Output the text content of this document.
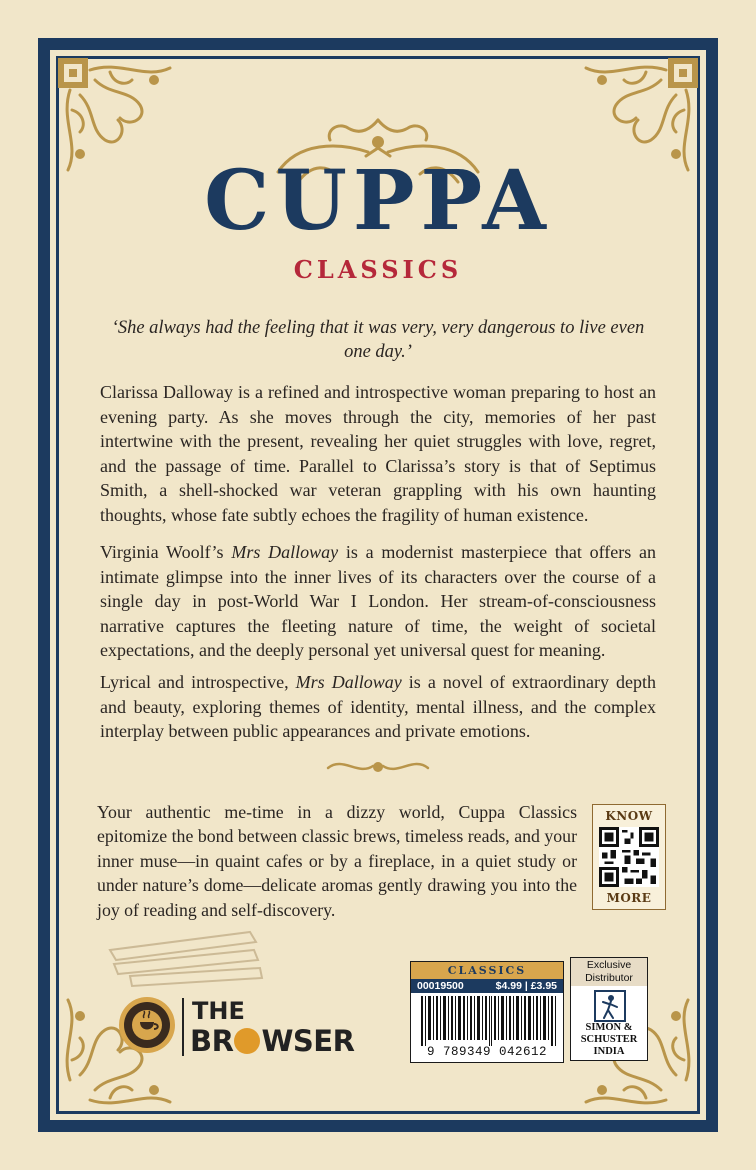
CUPPA
CLASSICS
‘She always had the feeling that it was very, very dangerous to live even one day.’
Clarissa Dalloway is a refined and introspective woman preparing to host an evening party. As she moves through the city, memories of her past intertwine with the present, revealing her quiet struggles with love, regret, and the passage of time. Parallel to Clarissa’s story is that of Septimus Smith, a shell-shocked war veteran grappling with his own haunting thoughts, whose fate subtly echoes the fragility of human existence.
Virginia Woolf’s Mrs Dalloway is a modernist masterpiece that offers an intimate glimpse into the inner lives of its characters over the course of a single day in post-World War I London. Her stream-of-consciousness narrative captures the fleeting nature of time, the weight of societal expectations, and the deeply personal yet universal quest for meaning.
Lyrical and introspective, Mrs Dalloway is a novel of extraordinary depth and beauty, exploring themes of identity, mental illness, and the complex interplay between public appearances and private emotions.
Your authentic me-time in a dizzy world, Cuppa Classics epitomize the bond between classic brews, timeless reads, and your inner muse—in quaint cafes or by a fireplace, in a quiet study or under nature’s dome—delicate aromas gently drawing you into the joy of reading and self-discovery.
KNOW
MORE
THE
BR WSER
CLASSICS
00019500	$4.99 | £3.95
9 789349 042612
Exclusive
Distributor
SIMON &
SCHUSTER
INDIA
